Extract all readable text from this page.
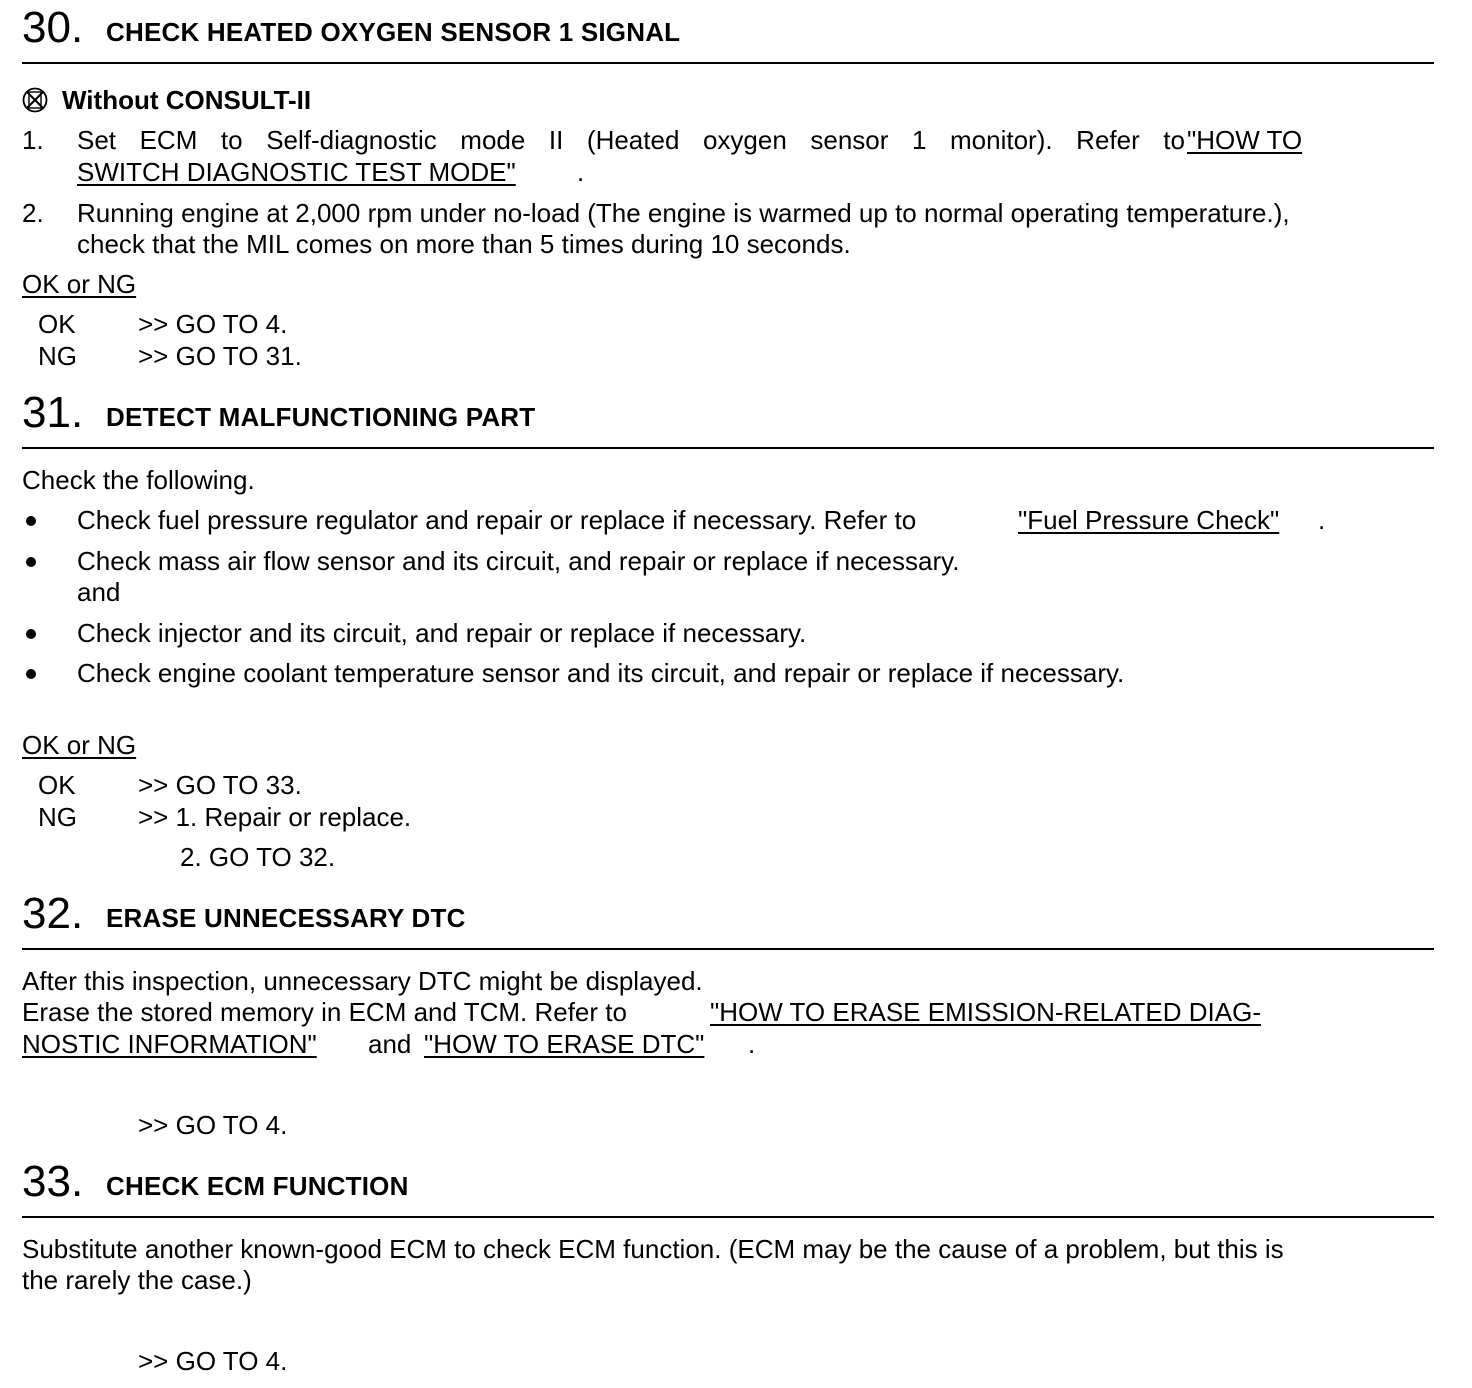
30. CHECK HEATED OXYGEN SENSOR 1 SIGNAL
Without CONSULT-II
1. Set ECM to Self-diagnostic mode II (Heated oxygen sensor 1 monitor). Refer to "HOW TO
SWITCH DIAGNOSTIC TEST MODE" .
2. Running engine at 2,000 rpm under no-load (The engine is warmed up to normal operating temperature.),
check that the MIL comes on more than 5 times during 10 seconds.
OK or NG
OK >> GO TO 4.
NG >> GO TO 31.
31. DETECT MALFUNCTIONING PART
Check the following.
Check fuel pressure regulator and repair or replace if necessary. Refer to	"Fuel Pressure Check" .
Check mass air flow sensor and its circuit, and repair or replace if necessary.
and
Check injector and its circuit, and repair or replace if necessary.
Check engine coolant temperature sensor and its circuit, and repair or replace if necessary.
OK or NG
OK >> GO TO 33.
NG >> 1. Repair or replace.
2. GO TO 32.
32. ERASE UNNECESSARY DTC
After this inspection, unnecessary DTC might be displayed.
Erase the stored memory in ECM and TCM. Refer to	"HOW TO ERASE EMISSION-RELATED DIAG-
NOSTIC INFORMATION" and "HOW TO ERASE DTC" .
>> GO TO 4.
33. CHECK ECM FUNCTION
Substitute another known-good ECM to check ECM function. (ECM may be the cause of a problem, but this is
the rarely the case.)
>> GO TO 4.
